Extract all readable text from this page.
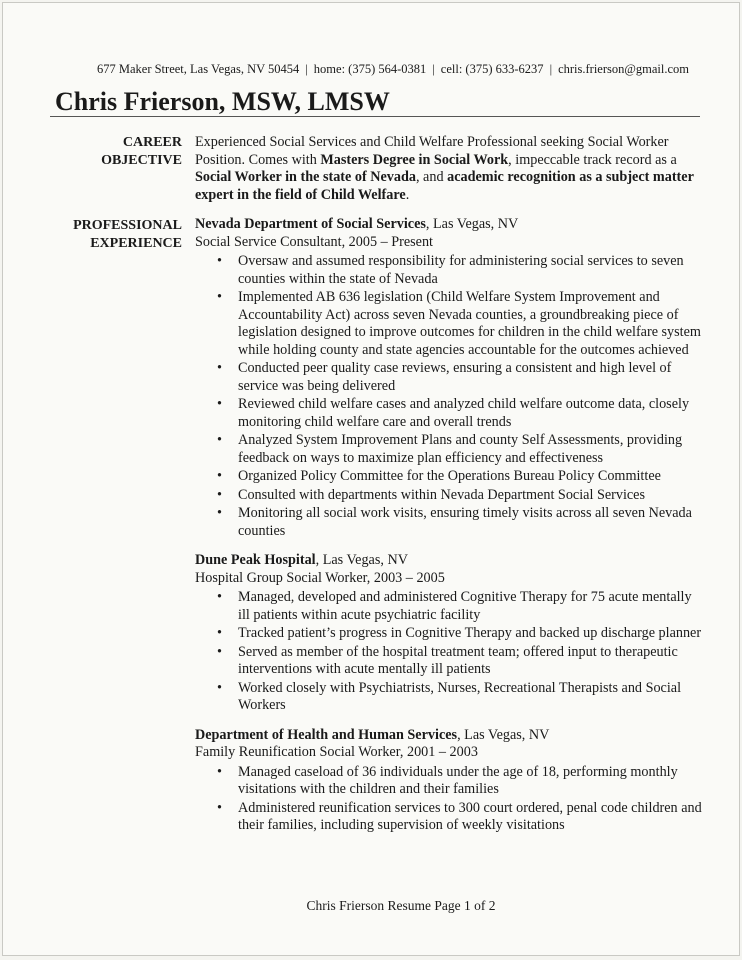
677 Maker Street, Las Vegas, NV 50454 | home: (375) 564-0381 | cell: (375) 633-6237 | chris.frierson@gmail.com
Chris Frierson, MSW, LMSW
CAREER
OBJECTIVE
Experienced Social Services and Child Welfare Professional seeking Social Worker Position. Comes with Masters Degree in Social Work, impeccable track record as a Social Worker in the state of Nevada, and academic recognition as a subject matter expert in the field of Child Welfare.
PROFESSIONAL
EXPERIENCE
Nevada Department of Social Services, Las Vegas, NV
Social Service Consultant, 2005 – Present
• Oversaw and assumed responsibility for administering social services to seven counties within the state of Nevada
• Implemented AB 636 legislation (Child Welfare System Improvement and Accountability Act) across seven Nevada counties, a groundbreaking piece of legislation designed to improve outcomes for children in the child welfare system while holding county and state agencies accountable for the outcomes achieved
• Conducted peer quality case reviews, ensuring a consistent and high level of service was being delivered
• Reviewed child welfare cases and analyzed child welfare outcome data, closely monitoring child welfare care and overall trends
• Analyzed System Improvement Plans and county Self Assessments, providing feedback on ways to maximize plan efficiency and effectiveness
• Organized Policy Committee for the Operations Bureau Policy Committee
• Consulted with departments within Nevada Department Social Services
• Monitoring all social work visits, ensuring timely visits across all seven Nevada counties
Dune Peak Hospital, Las Vegas, NV
Hospital Group Social Worker, 2003 – 2005
• Managed, developed and administered Cognitive Therapy for 75 acute mentally ill patients within acute psychiatric facility
• Tracked patient’s progress in Cognitive Therapy and backed up discharge planner
• Served as member of the hospital treatment team; offered input to therapeutic interventions with acute mentally ill patients
• Worked closely with Psychiatrists, Nurses, Recreational Therapists and Social Workers
Department of Health and Human Services, Las Vegas, NV
Family Reunification Social Worker, 2001 – 2003
• Managed caseload of 36 individuals under the age of 18, performing monthly visitations with the children and their families
• Administered reunification services to 300 court ordered, penal code children and their families, including supervision of weekly visitations
Chris Frierson Resume Page 1 of 2
